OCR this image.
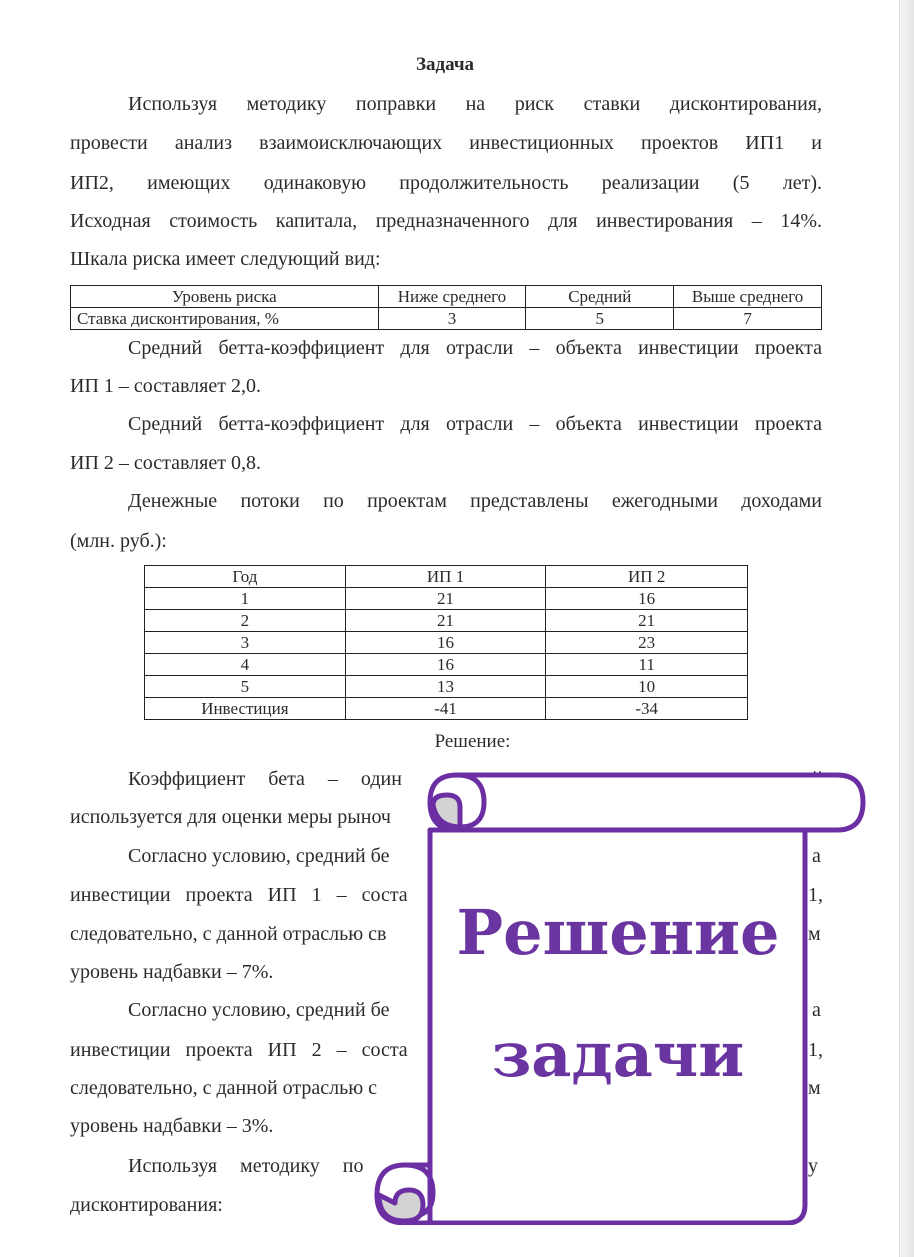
Задача
Используя методику поправки на риск ставки дисконтирования,
провести анализ взаимоисключающих инвестиционных проектов ИП1 и
ИП2, имеющих одинаковую продолжительность реализации (5 лет).
Исходная стоимость капитала, предназначенного для инвестирования – 14%.
Шкала риска имеет следующий вид:
Уровень риска	Ниже среднего	Средний	Выше среднего
Ставка дисконтирования, %	3	5	7
Средний бетта-коэффициент для отрасли – объекта инвестиции проекта
ИП 1 – составляет 2,0.
Средний бетта-коэффициент для отрасли – объекта инвестиции проекта
ИП 2 – составляет 0,8.
Денежные потоки по проектам представлены ежегодными доходами
(млн. руб.):
Год	ИП 1	ИП 2
1	21	16
2	21	21
3	16	23
4	16	11
5	13	10
Инвестиция	-41	-34
Решение:
Коэффициент бета – один
используется для оценки меры рыноч
Согласно условию, средний бе
инвестиции проекта ИП 1 – соста
следовательно, с данной отраслью св
уровень надбавки – 7%.
Согласно условию, средний бе
инвестиции проекта ИП 2 – соста
следовательно, с данной отраслью с
уровень надбавки – 3%.
Используя методику по
дисконтирования:
а
1,
м
а
1,
м
у
Решение
задачи
